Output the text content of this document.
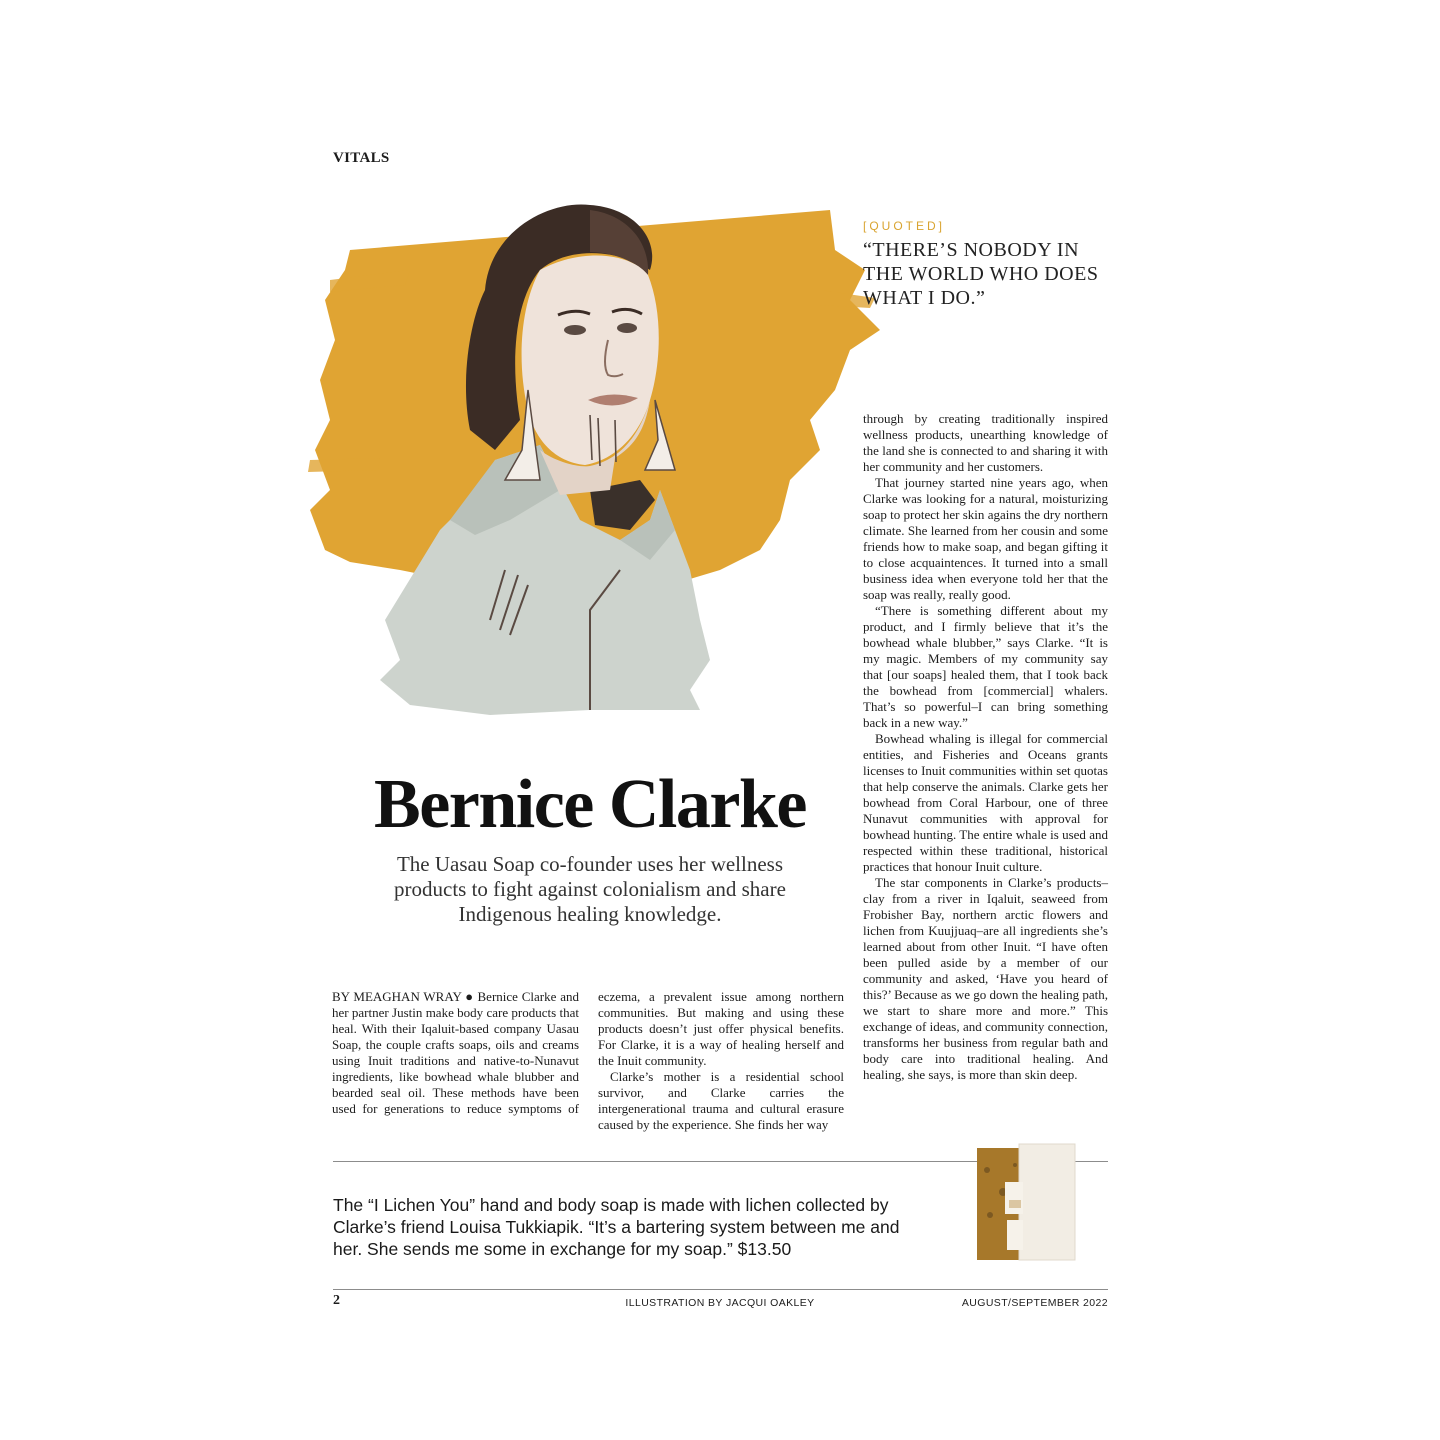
VITALS
[QUOTED]
“THERE’S NOBODY IN THE WORLD WHO DOES WHAT I DO.”
Bernice Clarke
The Uasau Soap co-founder uses her wellness products to fight against colonialism and share Indigenous healing knowledge.

BY MEAGHAN WRAY ● Bernice Clarke and her partner Justin make body care products that heal. With their Iqaluit-based company Uasau Soap, the couple crafts soaps, oils and creams using Inuit traditions and native-to-Nunavut ingredients, like bowhead whale blubber and bearded seal oil. These methods have been used for generations to reduce symptoms of

eczema, a prevalent issue among northern communities. But making and using these products doesn’t just offer physical benefits. For Clarke, it is a way of healing herself and the Inuit community.

Clarke’s mother is a residential school survivor, and Clarke carries the intergenerational trauma and cultural erasure caused by the experience. She finds her way

through by creating traditionally inspired wellness products, unearthing knowledge of the land she is connected to and sharing it with her community and her customers.

That journey started nine years ago, when Clarke was looking for a natural, moisturizing soap to protect her skin agains the dry northern climate. She learned from her cousin and some friends how to make soap, and began gifting it to close acquaintences. It turned into a small business idea when everyone told her that the soap was really, really good.

“There is something different about my product, and I firmly believe that it’s the bowhead whale blubber,” says Clarke. “It is my magic. Members of my community say that [our soaps] healed them, that I took back the bowhead from [commercial] whalers. That’s so powerful–I can bring something back in a new way.”

Bowhead whaling is illegal for commercial entities, and Fisheries and Oceans grants licenses to Inuit communities within set quotas that help conserve the animals. Clarke gets her bowhead from Coral Harbour, one of three Nunavut communities with approval for bowhead hunting. The entire whale is used and respected within these traditional, historical practices that honour Inuit culture.

The star components in Clarke’s products–clay from a river in Iqaluit, seaweed from Frobisher Bay, northern arctic flowers and lichen from Kuujjuaq–are all ingredients she’s learned about from other Inuit. “I have often been pulled aside by a member of our community and asked, ‘Have you heard of this?’ Because as we go down the healing path, we start to share more and more.” This exchange of ideas, and community connection, transforms her business from regular bath and body care into traditional healing. And healing, she says, is more than skin deep.

The “I Lichen You” hand and body soap is made with lichen collected by Clarke’s friend Louisa Tukkiapik. “It’s a bartering system between me and her. She sends me some in exchange for my soap.” $13.50
2	ILLUSTRATION BY JACQUI OAKLEY	AUGUST/SEPTEMBER 2022
